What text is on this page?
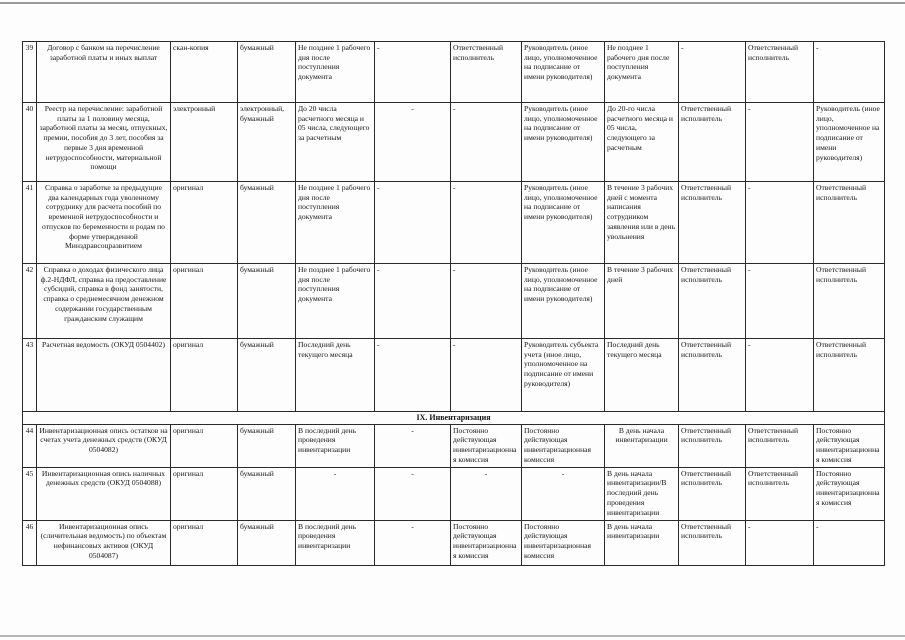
39	Договор с банком на перечисление заработной платы и иных выплат	скан-копия	бумажный	Не позднее 1 рабочего дня после поступления документа	-	Ответственный исполнитель	Руководитель (иное лицо, уполномоченное на подписание от имени руководителя)	Не позднее 1 рабочего дня после поступления документа	-	Ответственный исполнитель	-
40	Реестр на перечисление: заработной платы за 1 половину месяца, заработной платы за месяц, отпускных, премии, пособия до 3 лет, пособия за первые 3 дня временной нетрудоспособности, материальной помощи	электронный	электронный, бумажный	До 20 числа расчетного месяца и 05 числа, следующего за расчетным	-	-	Руководитель (иное лицо, уполномоченное на подписание от имени руководителя)	До 20-го числа расчетного месяца и 05 числа, следующего за расчетным	Ответственный исполнитель	-	Руководитель (иное лицо, уполномоченное на подписание от имени руководителя)
41	Справка о заработке за предыдущие два календарных года уволенному сотруднику для расчета пособий по временной нетрудоспособности и отпусков по беременности и родам по форме утвержденной Минздравсоцразвитием	оригинал	бумажный	Не позднее 1 рабочего дня после поступления документа	-	-	Руководитель (иное лицо, уполномоченное на подписание от имени руководителя)	В течение 3 рабочих дней с момента написания сотрудником заявления или в день увольнения	Ответственный исполнитель	-	Ответственный исполнитель
42	Справка о доходах физического лица ф.2-НДФЛ, справка на предоставление субсидий, справка в фонд занятости, справка о среднемесячном денежном содержании государственным гражданским служащим	оригинал	бумажный	Не позднее 1 рабочего дня после поступления документа	-	-	Руководитель (иное лицо, уполномоченное на подписание от имени руководителя)	В течение 3 рабочих дней	Ответственный исполнитель	-	Ответственный исполнитель
43	Расчетная ведомость (ОКУД 0504402)	оригинал	бумажный	Последний день текущего месяца	-	-	Руководитель субъекта учета (иное лицо, уполномоченное на подписание от имени руководителя)	Последний день текущего месяца	Ответственный исполнитель	-	Ответственный исполнитель
IX. Инвентаризация											
44	Инвентаризационная опись остатков на счетах учета денежных средств (ОКУД 0504082)	оригинал	бумажный	В последний день проведения инвентаризации	-	Постоянно действующая инвентаризационная комиссия	Постоянно действующая инвентаризационная комиссия	В день начала инвентаризации	Ответственный исполнитель	Ответственный исполнитель	Постоянно действующая инвентаризационная комиссия
45	Инвентаризационная опись наличных денежных средств (ОКУД 0504088)	оригинал	бумажный	-	-	-	-	В день начала инвентаризации/В последний день проведения инвентаризации	Ответственный исполнитель	Ответственный исполнитель	Постоянно действующая инвентаризационная комиссия
46	Инвентаризационная опись (сличительная ведомость) по объектам нефинансовых активов (ОКУД 0504087)	оригинал	бумажный	В последний день проведения инвентаризации	-	Постоянно действующая инвентаризационная комиссия	Постоянно действующая инвентаризационная комиссия	В день начала инвентаризации	Ответственный исполнитель	-	-
